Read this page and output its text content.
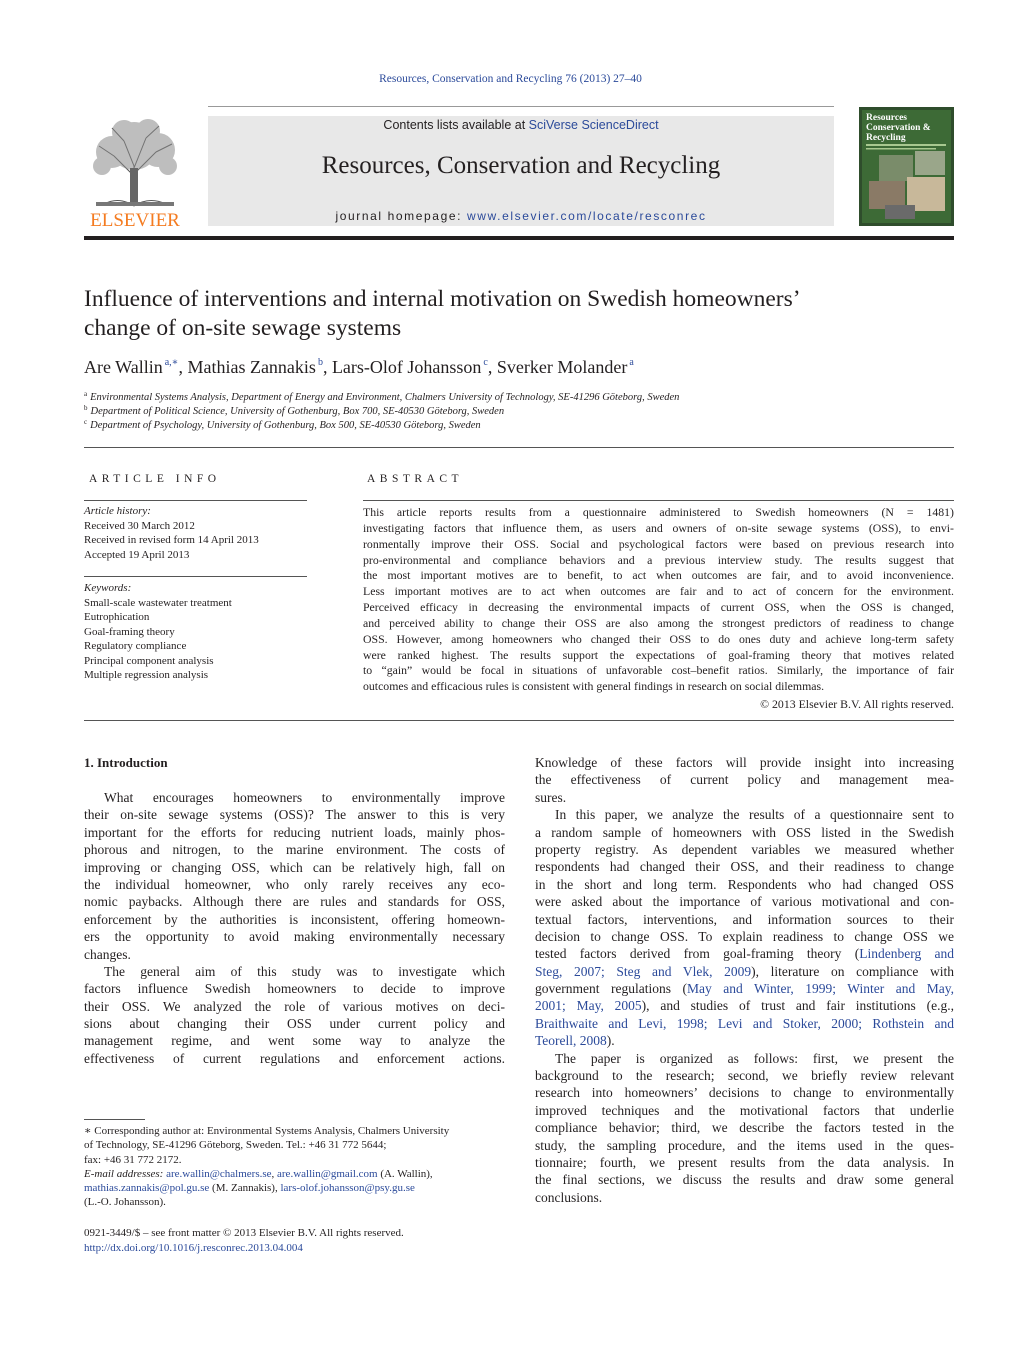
Resources, Conservation and Recycling 76 (2013) 27–40
ELSEVIER
Contents lists available at SciVerse ScienceDirect
Resources, Conservation and Recycling
journal homepage: www.elsevier.com/locate/resconrec
Resources
Conservation &
Recycling
Influence of interventions and internal motivation on Swedish homeowners’
change of on-site sewage systems
Are Wallin $^{a,∗}$, Mathias Zannakis $^b$, Lars-Olof Johansson $^c$, Sverker Molander $^a$
$^a$ Environmental Systems Analysis, Department of Energy and Environment, Chalmers University of Technology, SE-41296 Göteborg, Sweden
$^b$ Department of Political Science, University of Gothenburg, Box 700, SE-40530 Göteborg, Sweden
$^c$ Department of Psychology, University of Gothenburg, Box 500, SE-40530 Göteborg, Sweden
ARTICLE INFO
Article history:
Received 30 March 2012
Received in revised form 14 April 2013
Accepted 19 April 2013
Keywords:
Small-scale wastewater treatment
Eutrophication
Goal-framing theory
Regulatory compliance
Principal component analysis
Multiple regression analysis
ABSTRACT
This article reports results from a questionnaire administered to Swedish homeowners (N = 1481)
investigating factors that influence them, as users and owners of on-site sewage systems (OSS), to envi-
ronmentally improve their OSS. Social and psychological factors were based on previous research into
pro-environmental and compliance behaviors and a previous interview study. The results suggest that
the most important motives are to benefit, to act when outcomes are fair, and to avoid inconvenience.
Less important motives are to act when outcomes are fair and to act of concern for the environment.
Perceived efficacy in decreasing the environmental impacts of current OSS, when the OSS is changed,
and perceived ability to change their OSS are also among the strongest predictors of readiness to change
OSS. However, among homeowners who changed their OSS to do ones duty and achieve long-term safety
were ranked highest. The results support the expectations of goal-framing theory that motives related
to “gain” would be focal in situations of unfavorable cost–benefit ratios. Similarly, the importance of fair
outcomes and efficacious rules is consistent with general findings in research on social dilemmas.
© 2013 Elsevier B.V. All rights reserved.
1. Introduction
What encourages homeowners to environmentally improve
their on-site sewage systems (OSS)? The answer to this is very
important for the efforts for reducing nutrient loads, mainly phos-
phorous and nitrogen, to the marine environment. The costs of
improving or changing OSS, which can be relatively high, fall on
the individual homeowner, who only rarely receives any eco-
nomic paybacks. Although there are rules and standards for OSS,
enforcement by the authorities is inconsistent, offering homeown-
ers the opportunity to avoid making environmentally necessary
changes.
The general aim of this study was to investigate which
factors influence Swedish homeowners to decide to improve
their OSS. We analyzed the role of various motives on deci-
sions about changing their OSS under current policy and
management regime, and went some way to analyze the
effectiveness of current regulations and enforcement actions.
Knowledge of these factors will provide insight into increasing
the effectiveness of current policy and management mea-
sures.
In this paper, we analyze the results of a questionnaire sent to
a random sample of homeowners with OSS listed in the Swedish
property registry. As dependent variables we measured whether
respondents had changed their OSS, and their readiness to change
in the short and long term. Respondents who had changed OSS
were asked about the importance of various motivational and con-
textual factors, interventions, and information sources to their
decision to change OSS. To explain readiness to change OSS we
tested factors derived from goal-framing theory (Lindenberg and
Steg, 2007; Steg and Vlek, 2009), literature on compliance with
government regulations (May and Winter, 1999; Winter and May,
2001; May, 2005), and studies of trust and fair institutions (e.g.,
Braithwaite and Levi, 1998; Levi and Stoker, 2000; Rothstein and
Teorell, 2008).
The paper is organized as follows: first, we present the
background to the research; second, we briefly review relevant
research into homeowners’ decisions to change to environmentally
improved techniques and the motivational factors that underlie
compliance behavior; third, we describe the factors tested in the
study, the sampling procedure, and the items used in the ques-
tionnaire; fourth, we present results from the data analysis. In
the final sections, we discuss the results and draw some general
conclusions.
∗ Corresponding author at: Environmental Systems Analysis, Chalmers University
of Technology, SE-41296 Göteborg, Sweden. Tel.: +46 31 772 5644;
fax: +46 31 772 2172.
E-mail addresses: are.wallin@chalmers.se, are.wallin@gmail.com (A. Wallin),
mathias.zannakis@pol.gu.se (M. Zannakis), lars-olof.johansson@psy.gu.se
(L.-O. Johansson).
0921-3449/$ – see front matter © 2013 Elsevier B.V. All rights reserved.
http://dx.doi.org/10.1016/j.resconrec.2013.04.004
